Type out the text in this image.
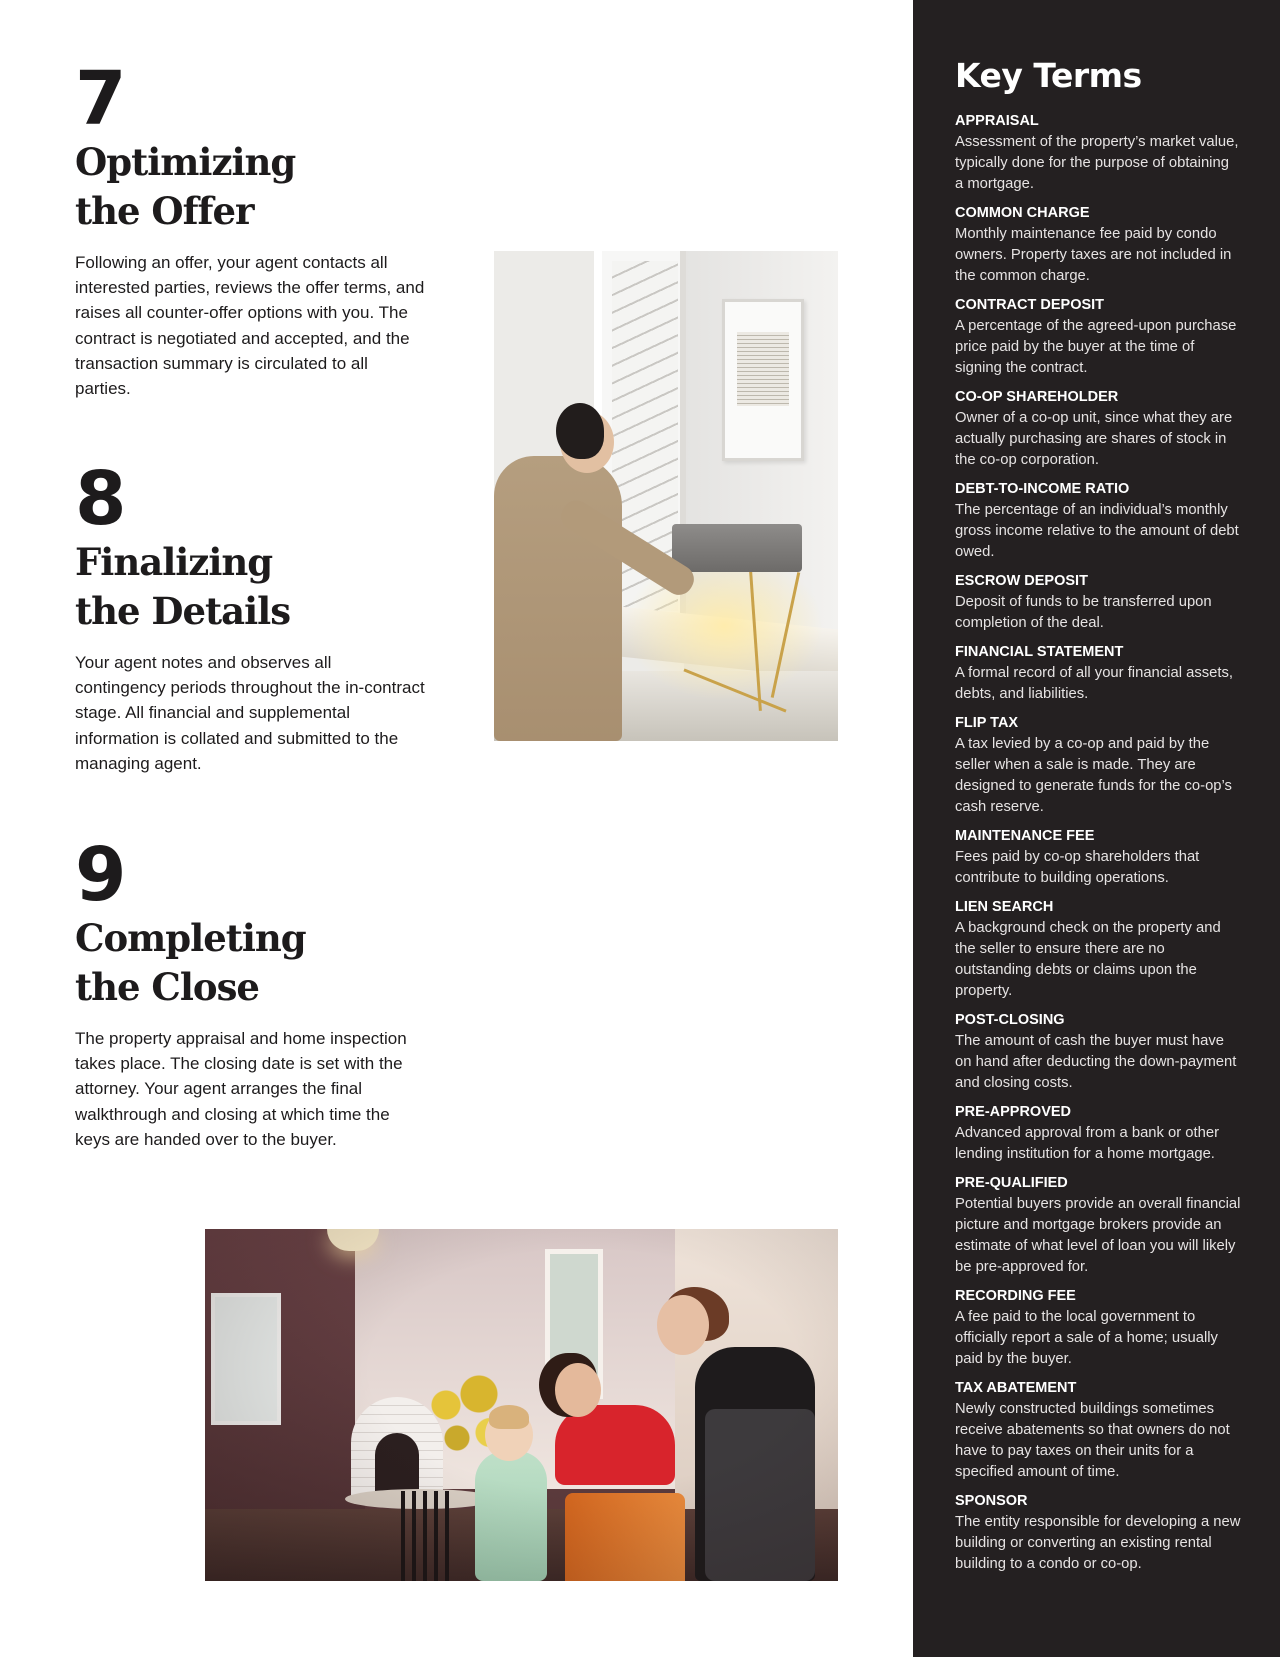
7
Optimizing
the Offer

Following an offer, your agent contacts all interested parties, reviews the offer terms, and raises all counter-offer options with you. The contract is negotiated and accepted, and the transaction summary is circulated to all parties.

8
Finalizing
the Details

Your agent notes and observes all contingency periods throughout the in-contract stage. All financial and supplemental information is collated and submitted to the managing agent.

9
Completing
the Close

The property appraisal and home inspection takes place. The closing date is set with the attorney. Your agent arranges the final walkthrough and closing at which time the keys are handed over to the buyer.

Key Terms
APPRAISAL
Assessment of the property’s market value, typically done for the purpose of obtaining a mortgage.
COMMON CHARGE
Monthly maintenance fee paid by condo owners. Property taxes are not included in the common charge.
CONTRACT DEPOSIT
A percentage of the agreed-upon purchase price paid by the buyer at the time of signing the contract.
CO-OP SHAREHOLDER
Owner of a co-op unit, since what they are actually purchasing are shares of stock in the co-op corporation.
DEBT-TO-INCOME RATIO
The percentage of an individual’s monthly gross income relative to the amount of debt owed.
ESCROW DEPOSIT
Deposit of funds to be transferred upon completion of the deal.
FINANCIAL STATEMENT
A formal record of all your financial assets, debts, and liabilities.
FLIP TAX
A tax levied by a co-op and paid by the seller when a sale is made. They are designed to generate funds for the co-op’s cash reserve.
MAINTENANCE FEE
Fees paid by co-op shareholders that contribute to building operations.
LIEN SEARCH
A background check on the property and the seller to ensure there are no outstanding debts or claims upon the property.
POST-CLOSING
The amount of cash the buyer must have on hand after deducting the down-payment and closing costs.
PRE-APPROVED
Advanced approval from a bank or other lending institution for a home mortgage.
PRE-QUALIFIED
Potential buyers provide an overall financial picture and mortgage brokers provide an estimate of what level of loan you will likely be pre-approved for.
RECORDING FEE
A fee paid to the local government to officially report a sale of a home; usually paid by the buyer.
TAX ABATEMENT
Newly constructed buildings sometimes receive abatements so that owners do not have to pay taxes on their units for a specified amount of time.
SPONSOR
The entity responsible for developing a new building or converting an existing rental building to a condo or co-op.
